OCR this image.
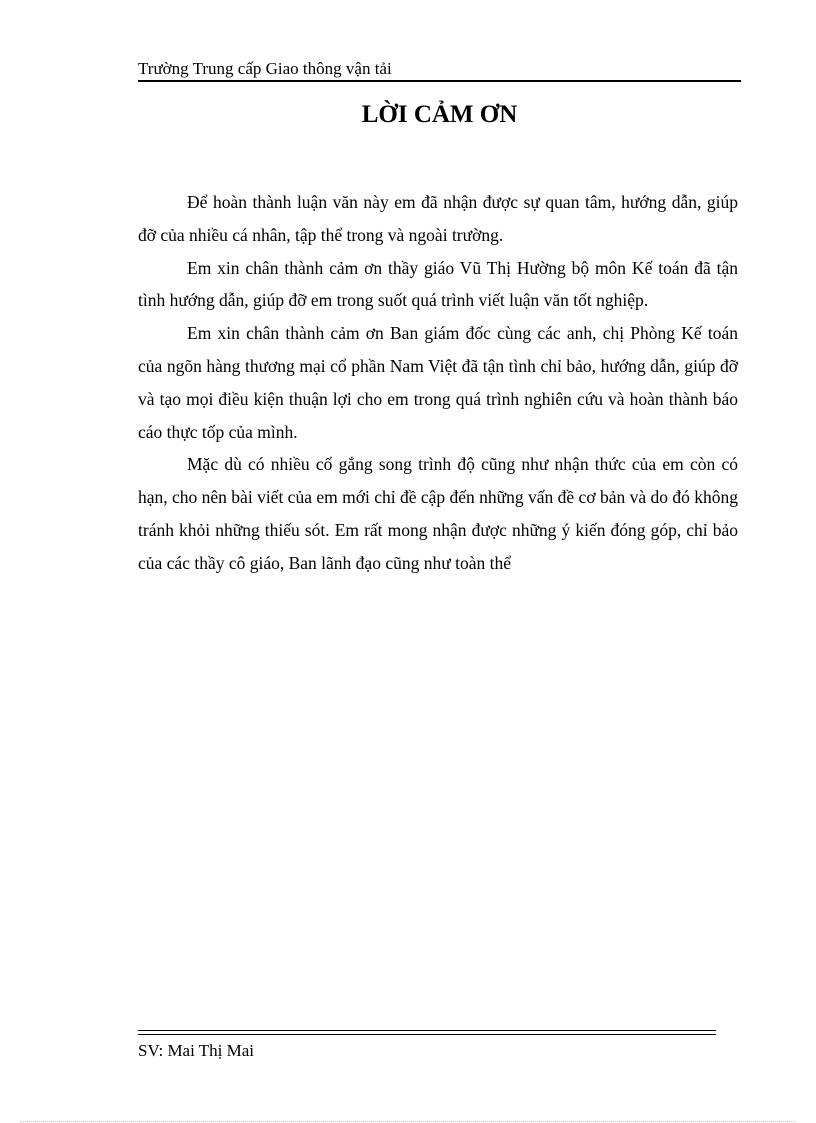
Trường Trung cấp Giao thông vận tải
LỜI CẢM ƠN

Để hoàn thành luận văn này em đã nhận được sự quan tâm, hướng dẫn, giúp đỡ của nhiều cá nhân, tập thể trong và ngoài trường.

Em xin chân thành cảm ơn thầy giáo Vũ Thị Hường bộ môn Kế toán đã tận tình hướng dẫn, giúp đỡ em trong suốt quá trình viết luận văn tốt nghiệp.

Em xin chân thành cảm ơn Ban giám đốc cùng các anh, chị Phòng Kế toán của ngõn hàng thương mại cổ phần Nam Việt đã tận tình chỉ bảo, hướng dẫn, giúp đỡ và tạo mọi điều kiện thuận lợi cho em trong quá trình nghiên cứu và hoàn thành báo cáo thực tốp của mình.

Mặc dù có nhiều cố gắng song trình độ cũng như nhận thức của em còn có hạn, cho nên bài viết của em mới chỉ đề cập đến những vấn đề cơ bản và do đó không tránh khỏi những thiếu sót. Em rất mong nhận được những ý kiến đóng góp, chỉ bảo của các thầy cô giáo, Ban lãnh đạo cũng như toàn thể

SV: Mai Thị Mai
